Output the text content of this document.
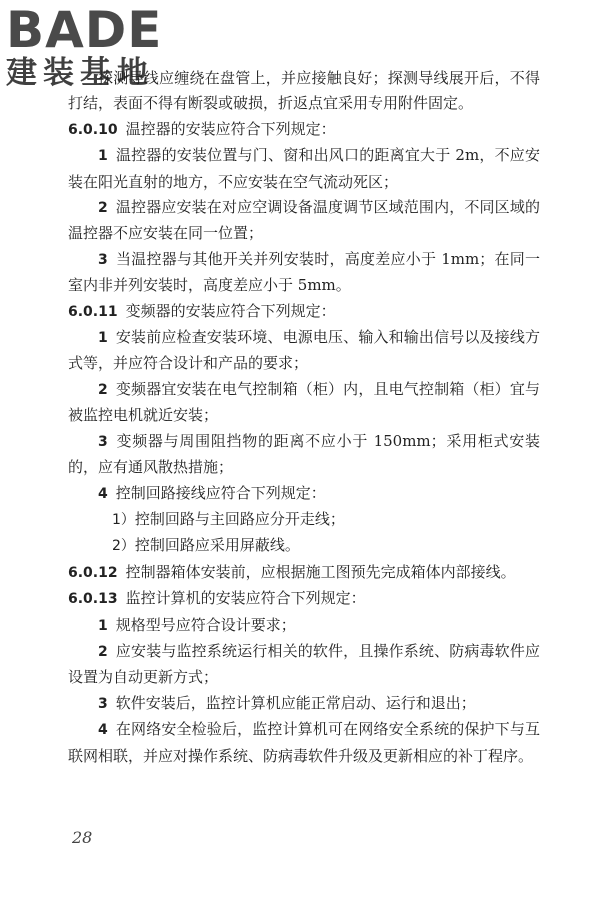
BADE
建装基地

探测导线应缠绕在盘管上，并应接触良好；探测导线展开后，不得打结，表面不得有断裂或破损，折返点宜采用专用附件固定。

6.0.10 温控器的安装应符合下列规定：

1 温控器的安装位置与门、窗和出风口的距离宜大于 2m，不应安装在阳光直射的地方，不应安装在空气流动死区；

2 温控器应安装在对应空调设备温度调节区域范围内，不同区域的温控器不应安装在同一位置；

3 当温控器与其他开关并列安装时，高度差应小于 1mm；在同一室内非并列安装时，高度差应小于 5mm。

6.0.11 变频器的安装应符合下列规定：

1 安装前应检查安装环境、电源电压、输入和输出信号以及接线方式等，并应符合设计和产品的要求；

2 变频器宜安装在电气控制箱（柜）内，且电气控制箱（柜）宜与被监控电机就近安装；

3 变频器与周围阻挡物的距离不应小于 150mm；采用柜式安装的，应有通风散热措施；

4 控制回路接线应符合下列规定：

1）控制回路与主回路应分开走线；

2）控制回路应采用屏蔽线。

6.0.12 控制器箱体安装前，应根据施工图预先完成箱体内部接线。

6.0.13 监控计算机的安装应符合下列规定：

1 规格型号应符合设计要求；

2 应安装与监控系统运行相关的软件，且操作系统、防病毒软件应设置为自动更新方式；

3 软件安装后，监控计算机应能正常启动、运行和退出；

4 在网络安全检验后，监控计算机可在网络安全系统的保护下与互联网相联，并应对操作系统、防病毒软件升级及更新相应的补丁程序。

28
